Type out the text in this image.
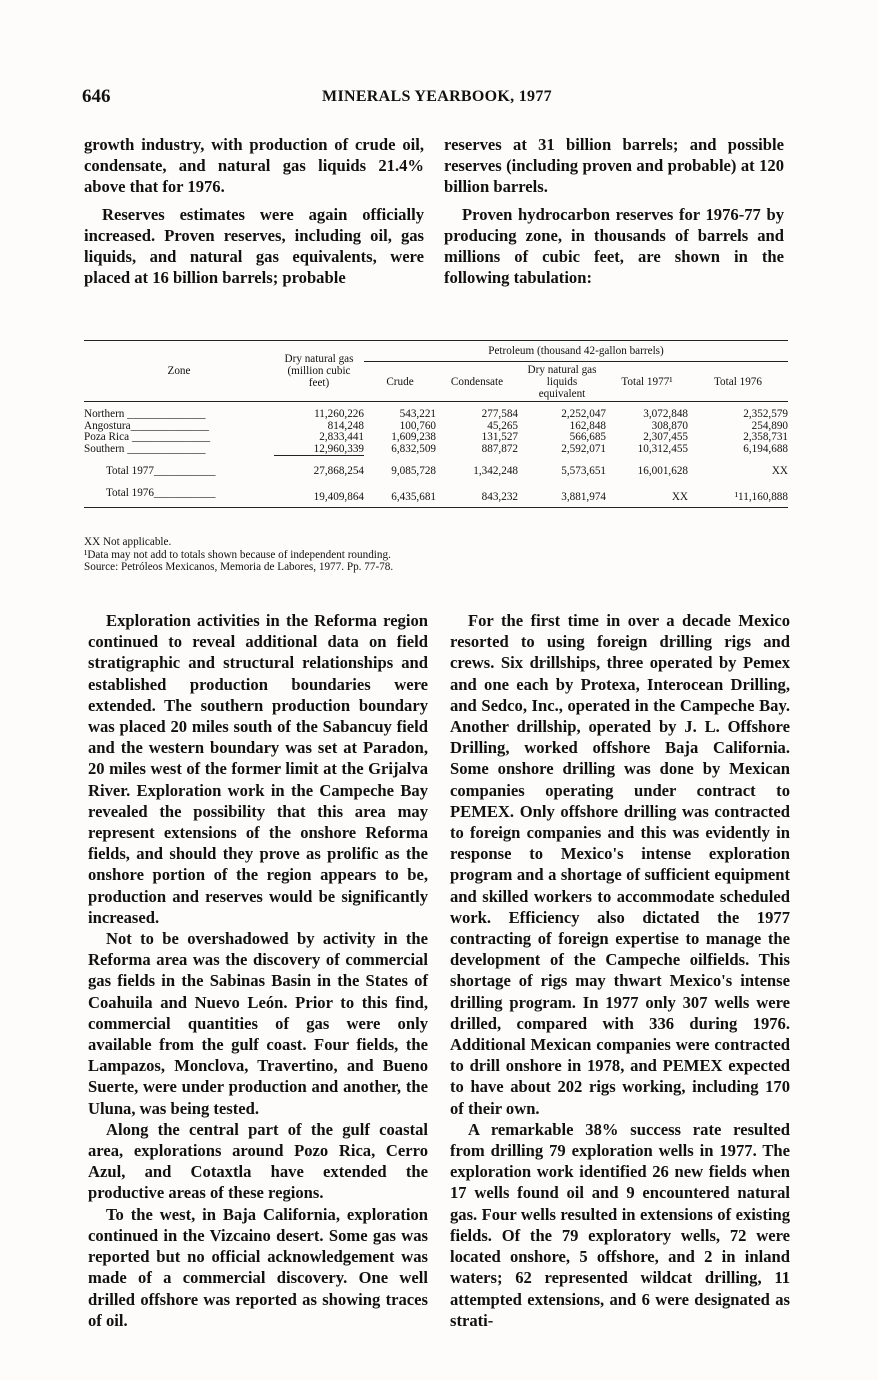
646	MINERALS YEARBOOK, 1977

growth industry, with production of crude oil, condensate, and natural gas liquids 21.4% above that for 1976.

Reserves estimates were again officially increased. Proven reserves, including oil, gas liquids, and natural gas equivalents, were placed at 16 billion barrels; probable

reserves at 31 billion barrels; and possible reserves (including proven and probable) at 120 billion barrels.

Proven hydrocarbon reserves for 1976-77 by producing zone, in thousands of barrels and millions of cubic feet, are shown in the following tabulation:

Zone	Dry natural gas (million cubic feet)	Petroleum (thousand 42-gallon barrels)				
		Crude	Condensate	Dry natural gas liquids equivalent	Total 1977¹	Total 1976
Northern ______________	11,260,226	543,221	277,584	2,252,047	3,072,848	2,352,579
Angostura______________	814,248	100,760	45,265	162,848	308,870	254,890
Poza Rica ______________	2,833,441	1,609,238	131,527	566,685	2,307,455	2,358,731
Southern ______________	12,960,339	6,832,509	887,872	2,592,071	10,312,455	6,194,688
Total 1977___________	27,868,254	9,085,728	1,342,248	5,573,651	16,001,628	XX
Total 1976___________	19,409,864	6,435,681	843,232	3,881,974	XX	¹11,160,888
XX Not applicable.
¹Data may not add to totals shown because of independent rounding.
Source: Petróleos Mexicanos, Memoria de Labores, 1977. Pp. 77-78.

Exploration activities in the Reforma region continued to reveal additional data on field stratigraphic and structural relationships and established production boundaries were extended. The southern production boundary was placed 20 miles south of the Sabancuy field and the western boundary was set at Paradon, 20 miles west of the former limit at the Grijalva River. Exploration work in the Campeche Bay revealed the possibility that this area may represent extensions of the onshore Reforma fields, and should they prove as prolific as the onshore portion of the region appears to be, production and reserves would be significantly increased.

Not to be overshadowed by activity in the Reforma area was the discovery of commercial gas fields in the Sabinas Basin in the States of Coahuila and Nuevo León. Prior to this find, commercial quantities of gas were only available from the gulf coast. Four fields, the Lampazos, Monclova, Travertino, and Bueno Suerte, were under production and another, the Uluna, was being tested.

Along the central part of the gulf coastal area, explorations around Pozo Rica, Cerro Azul, and Cotaxtla have extended the productive areas of these regions.

To the west, in Baja California, exploration continued in the Vizcaino desert. Some gas was reported but no official acknowledgement was made of a commercial discovery. One well drilled offshore was reported as showing traces of oil.

For the first time in over a decade Mexico resorted to using foreign drilling rigs and crews. Six drillships, three operated by Pemex and one each by Protexa, Interocean Drilling, and Sedco, Inc., operated in the Campeche Bay. Another drillship, operated by J. L. Offshore Drilling, worked offshore Baja California. Some onshore drilling was done by Mexican companies operating under contract to PEMEX. Only offshore drilling was contracted to foreign companies and this was evidently in response to Mexico's intense exploration program and a shortage of sufficient equipment and skilled workers to accommodate scheduled work. Efficiency also dictated the 1977 contracting of foreign expertise to manage the development of the Campeche oilfields. This shortage of rigs may thwart Mexico's intense drilling program. In 1977 only 307 wells were drilled, compared with 336 during 1976. Additional Mexican companies were contracted to drill onshore in 1978, and PEMEX expected to have about 202 rigs working, including 170 of their own.

A remarkable 38% success rate resulted from drilling 79 exploration wells in 1977. The exploration work identified 26 new fields when 17 wells found oil and 9 encountered natural gas. Four wells resulted in extensions of existing fields. Of the 79 exploratory wells, 72 were located onshore, 5 offshore, and 2 in inland waters; 62 represented wildcat drilling, 11 attempted extensions, and 6 were designated as strati-
